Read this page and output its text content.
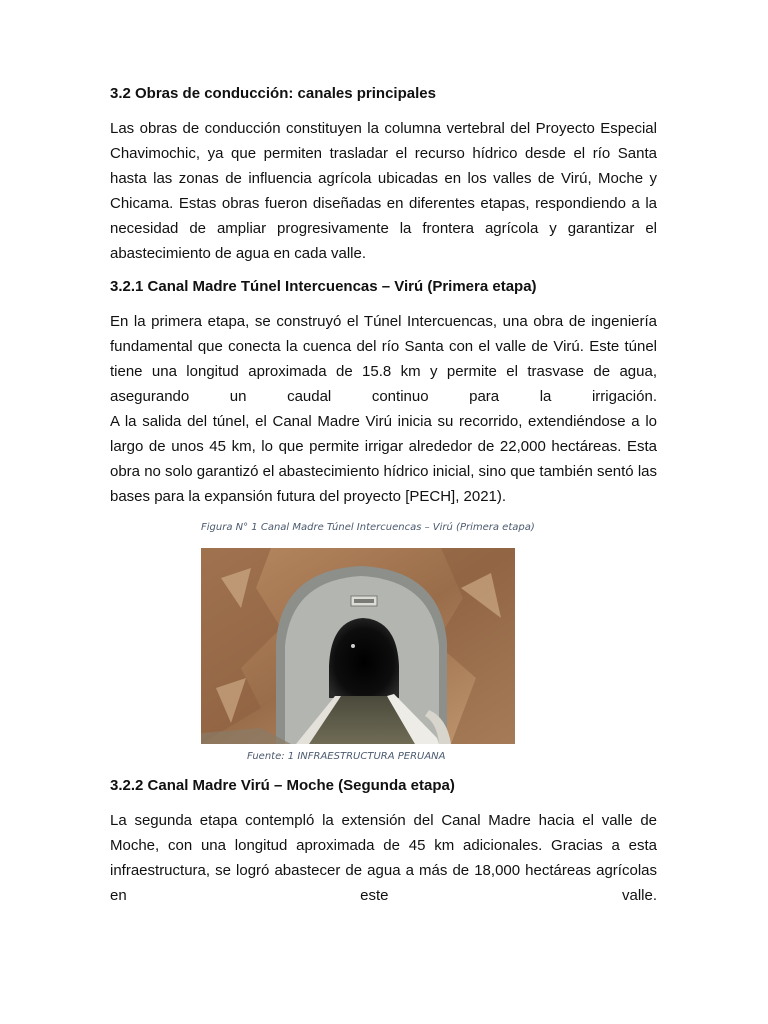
3.2 Obras de conducción: canales principales

Las obras de conducción constituyen la columna vertebral del Proyecto Especial Chavimochic, ya que permiten trasladar el recurso hídrico desde el río Santa hasta las zonas de influencia agrícola ubicadas en los valles de Virú, Moche y Chicama. Estas obras fueron diseñadas en diferentes etapas, respondiendo a la necesidad de ampliar progresivamente la frontera agrícola y garantizar el abastecimiento de agua en cada valle.

3.2.1 Canal Madre Túnel Intercuencas – Virú (Primera etapa)

En la primera etapa, se construyó el Túnel Intercuencas, una obra de ingeniería fundamental que conecta la cuenca del río Santa con el valle de Virú. Este túnel tiene una longitud aproximada de 15.8 km y permite el trasvase de agua, asegurando un caudal continuo para la irrigación.

A la salida del túnel, el Canal Madre Virú inicia su recorrido, extendiéndose a lo largo de unos 45 km, lo que permite irrigar alrededor de 22,000 hectáreas. Esta obra no solo garantizó el abastecimiento hídrico inicial, sino que también sentó las bases para la expansión futura del proyecto [PECH], 2021).

Figura N° 1 Canal Madre Túnel Intercuencas – Virú (Primera etapa)
Fuente: 1 INFRAESTRUCTURA PERUANA
3.2.2 Canal Madre Virú – Moche (Segunda etapa)

La segunda etapa contempló la extensión del Canal Madre hacia el valle de Moche, con una longitud aproximada de 45 km adicionales. Gracias a esta infraestructura, se logró abastecer de agua a más de 18,000 hectáreas agrícolas en este valle.
